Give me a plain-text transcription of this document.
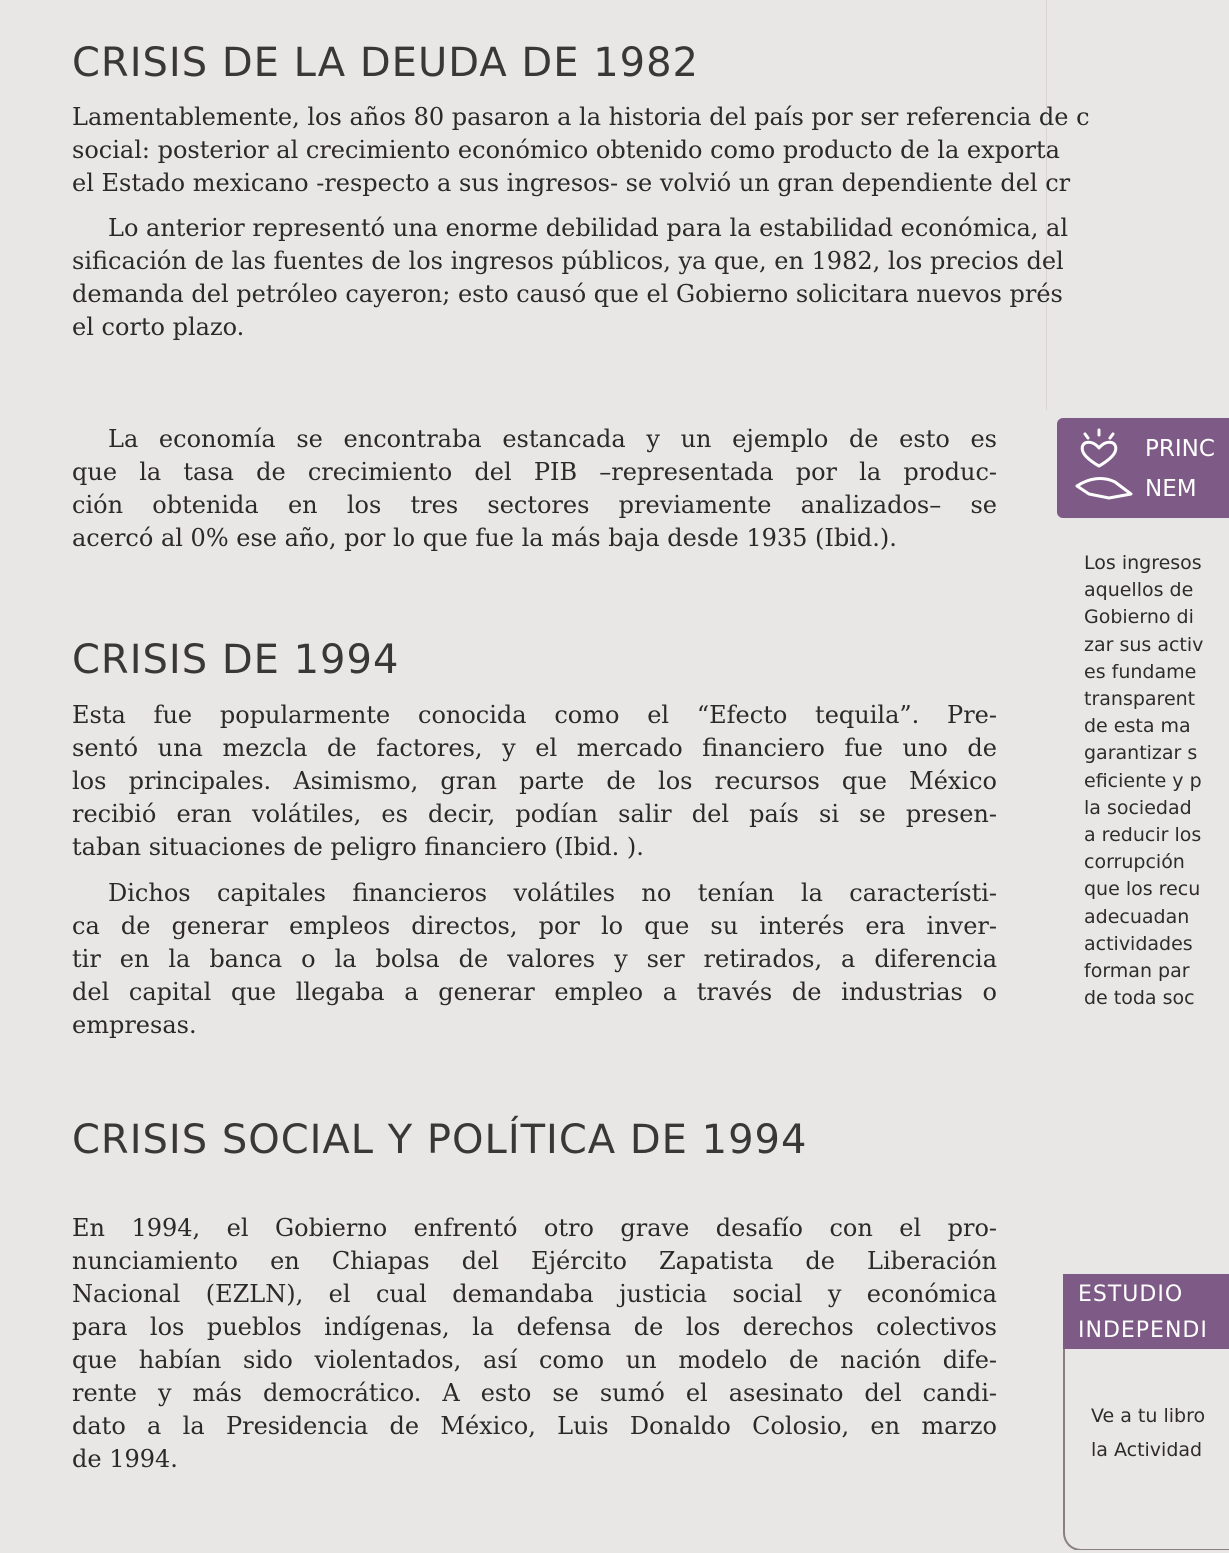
CRISIS DE LA DEUDA DE 1982
Lamentablemente, los años 80 pasaron a la historia del país por ser referencia de c
social: posterior al crecimiento económico obtenido como producto de la exporta
el Estado mexicano -respecto a sus ingresos- se volvió un gran dependiente del cr
Lo anterior representó una enorme debilidad para la estabilidad económica, al
sificación de las fuentes de los ingresos públicos, ya que, en 1982, los precios del
demanda del petróleo cayeron; esto causó que el Gobierno solicitara nuevos prés
el corto plazo.
La economía se encontraba estancada y un ejemplo de esto es
que la tasa de crecimiento del PIB –representada por la produc-
ción obtenida en los tres sectores previamente analizados– se
acercó al 0% ese año, por lo que fue la más baja desde 1935 (Ibid.).
CRISIS DE 1994
Esta fue popularmente conocida como el “Efecto tequila”. Pre-
sentó una mezcla de factores, y el mercado financiero fue uno de
los principales. Asimismo, gran parte de los recursos que México
recibió eran volátiles, es decir, podían salir del país si se presen-
taban situaciones de peligro financiero (Ibid. ).
Dichos capitales financieros volátiles no tenían la característi-
ca de generar empleos directos, por lo que su interés era inver-
tir en la banca o la bolsa de valores y ser retirados, a diferencia
del capital que llegaba a generar empleo a través de industrias o
empresas.
CRISIS SOCIAL Y POLÍTICA DE 1994
En 1994, el Gobierno enfrentó otro grave desafío con el pro-
nunciamiento en Chiapas del Ejército Zapatista de Liberación
Nacional (EZLN), el cual demandaba justicia social y económica
para los pueblos indígenas, la defensa de los derechos colectivos
que habían sido violentados, así como un modelo de nación dife-
rente y más democrático. A esto se sumó el asesinato del candi-
dato a la Presidencia de México, Luis Donaldo Colosio, en marzo
de 1994.
PRINC
NEM
Los ingresos
aquellos de
Gobierno di
zar sus activ
es fundame
transparent
de esta ma
garantizar s
eficiente y p
la sociedad
a reducir los
corrupción
que los recu
adecuadan
actividades
forman par
de toda soc
ESTUDIO
INDEPENDI
Ve a tu libro
la Actividad
